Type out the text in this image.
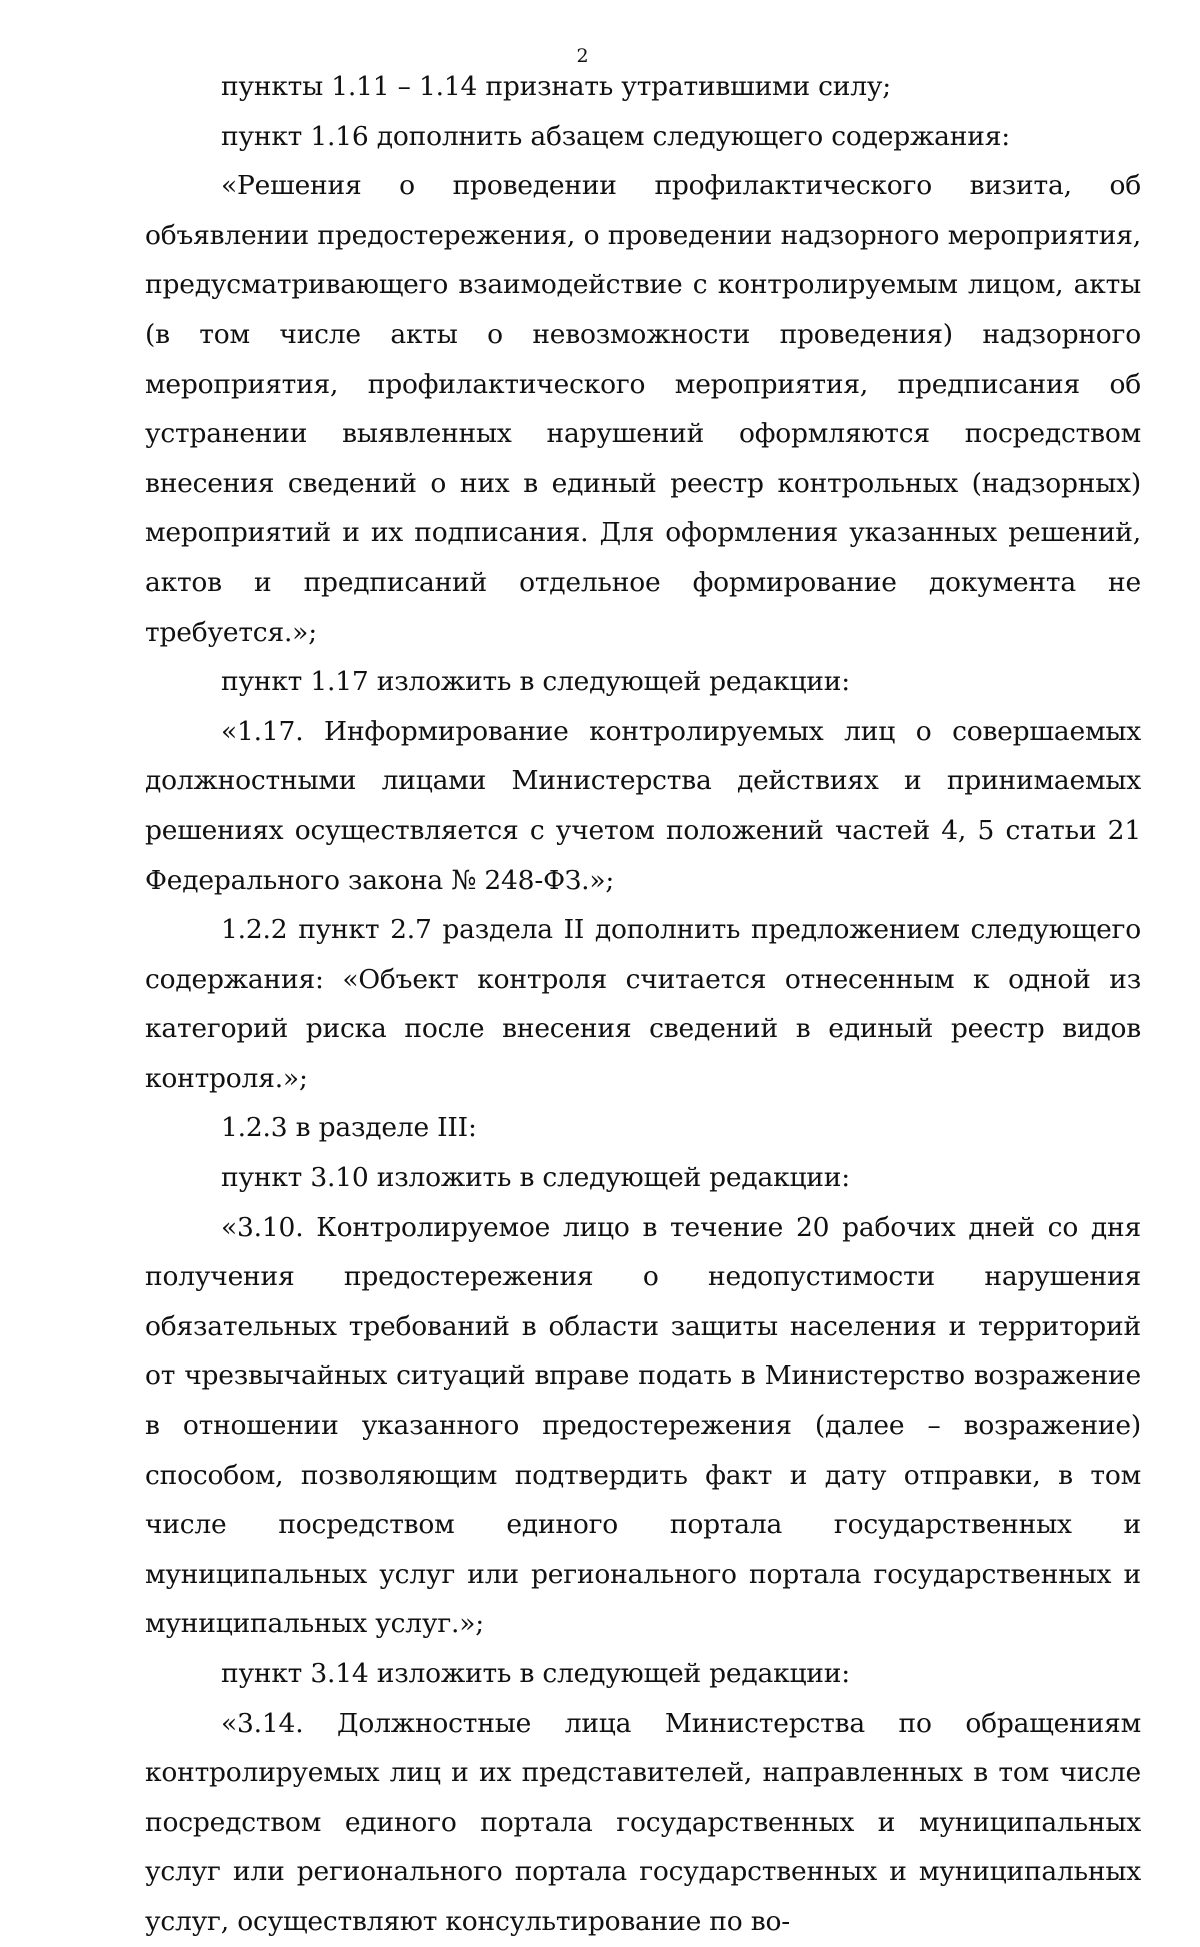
2

пункты 1.11 – 1.14 признать утратившими силу;

пункт 1.16 дополнить абзацем следующего содержания:

«Решения о проведении профилактического визита, об объявлении предостережения, о проведении надзорного мероприятия, предусматривающего взаимодействие с контролируемым лицом, акты (в том числе акты о невозможности проведения) надзорного мероприятия, профилактического мероприятия, предписания об устранении выявленных нарушений оформляются посредством внесения сведений о них в единый реестр контрольных (надзорных) мероприятий и их подписания. Для оформления указанных решений, актов и предписаний отдельное формирование документа не требуется.»;

пункт 1.17 изложить в следующей редакции:

«1.17. Информирование контролируемых лиц о совершаемых должностными лицами Министерства действиях и принимаемых решениях осуществляется с учетом положений частей 4, 5 статьи 21 Федерального закона № 248-ФЗ.»;

1.2.2 пункт 2.7 раздела II дополнить предложением следующего содержания: «Объект контроля считается отнесенным к одной из категорий риска после внесения сведений в единый реестр видов контроля.»;

1.2.3 в разделе III:

пункт 3.10 изложить в следующей редакции:

«3.10. Контролируемое лицо в течение 20 рабочих дней со дня получения предостережения о недопустимости нарушения обязательных требований в области защиты населения и территорий от чрезвычайных ситуаций вправе подать в Министерство возражение в отношении указанного предостережения (далее – возражение) способом, позволяющим подтвердить факт и дату отправки, в том числе посредством единого портала государственных и муниципальных услуг или регионального портала государственных и муниципальных услуг.»;

пункт 3.14 изложить в следующей редакции:

«3.14. Должностные лица Министерства по обращениям контролируемых лиц и их представителей, направленных в том числе посредством единого портала государственных и муниципальных услуг или регионального портала государственных и муниципальных услуг, осуществляют консультирование по во-
